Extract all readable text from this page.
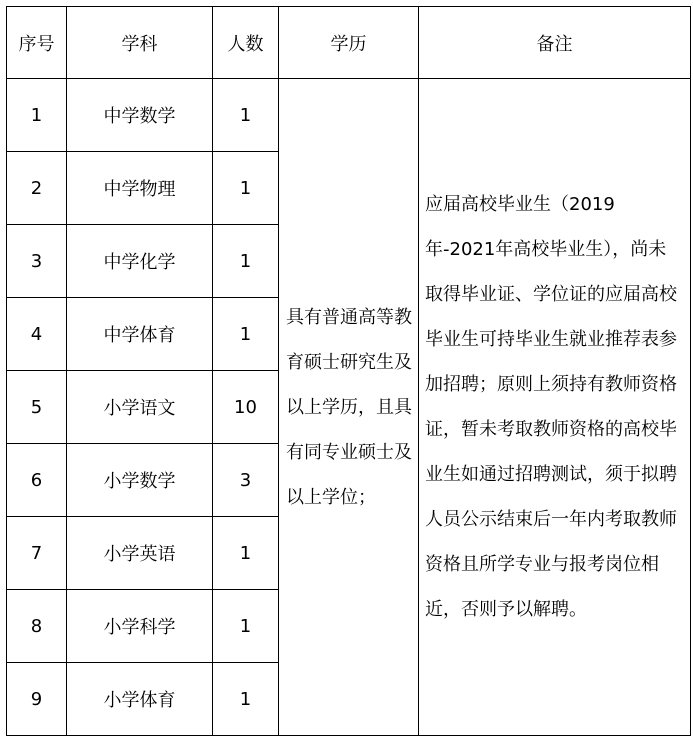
序号	学科	人数	学历	备注
1	中学数学	1	具有普通高等教育硕士研究生及以上学历，且具有同专业硕士及以上学位；	应届高校毕业生（2019年-2021年高校毕业生），尚未取得毕业证、学位证的应届高校毕业生可持毕业生就业推荐表参加招聘；原则上须持有教师资格证，暂未考取教师资格的高校毕业生如通过招聘测试，须于拟聘人员公示结束后一年内考取教师资格且所学专业与报考岗位相近，否则予以解聘。
2	中学物理	1		
3	中学化学	1		
4	中学体育	1		
5	小学语文	10		
6	小学数学	3		
7	小学英语	1		
8	小学科学	1		
9	小学体育	1		
